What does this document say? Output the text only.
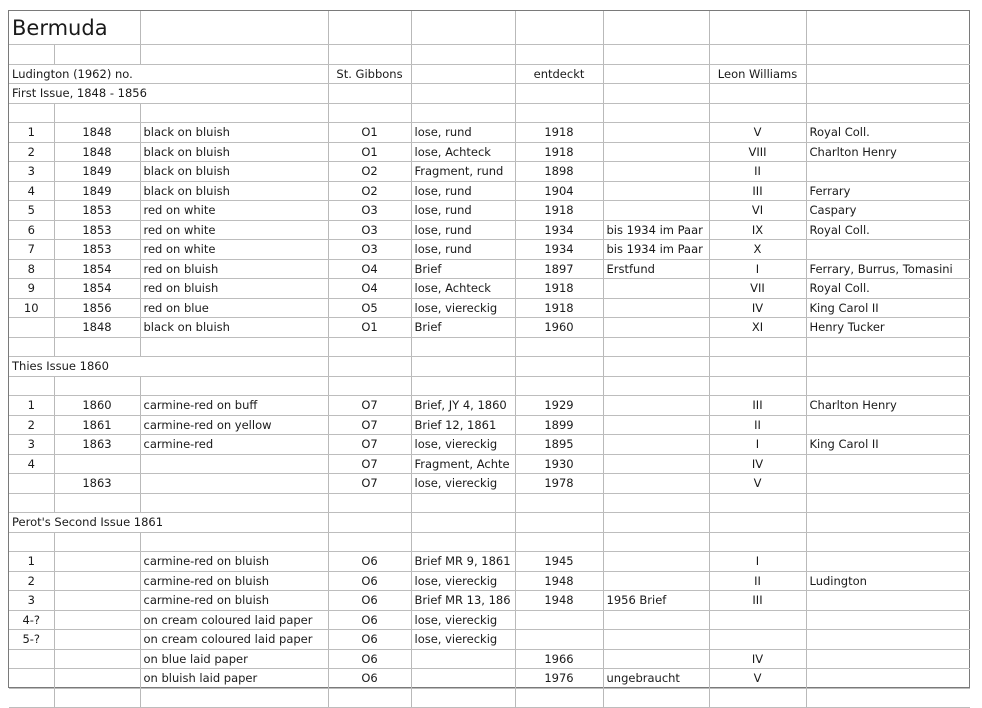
Bermuda								

Ludington (1962) no.			St. Gibbons		entdeckt		Leon Williams	
First Issue, 1848 - 1856								

1	1848	black on bluish	O1	lose, rund	1918		V	Royal Coll.
2	1848	black on bluish	O1	lose, Achteck	1918		VIII	Charlton Henry
3	1849	black on bluish	O2	Fragment, rund	1898		II	
4	1849	black on bluish	O2	lose, rund	1904		III	Ferrary
5	1853	red on white	O3	lose, rund	1918		VI	Caspary
6	1853	red on white	O3	lose, rund	1934	bis 1934 im Paar	IX	Royal Coll.
7	1853	red on white	O3	lose, rund	1934	bis 1934 im Paar	X	
8	1854	red on bluish	O4	Brief	1897	Erstfund	I	Ferrary, Burrus, Tomasini
9	1854	red on bluish	O4	lose, Achteck	1918		VII	Royal Coll.
10	1856	red on blue	O5	lose, viereckig	1918		IV	King Carol II
	1848	black on bluish	O1	Brief	1960		XI	Henry Tucker

Thies Issue 1860								

1	1860	carmine-red on buff	O7	Brief, JY 4, 1860	1929		III	Charlton Henry
2	1861	carmine-red on yellow	O7	Brief 12, 1861	1899		II	
3	1863	carmine-red	O7	lose, viereckig	1895		I	King Carol II
4			O7	Fragment, Achte	1930		IV	
	1863		O7	lose, viereckig	1978		V	

Perot's Second Issue 1861								

1		carmine-red on bluish	O6	Brief MR 9, 1861	1945		I	
2		carmine-red on bluish	O6	lose, viereckig	1948		II	Ludington
3		carmine-red on bluish	O6	Brief MR 13, 186	1948	1956 Brief	III	
4-?		on cream coloured laid paper	O6	lose, viereckig				
5-?		on cream coloured laid paper	O6	lose, viereckig				
		on blue laid paper	O6		1966		IV	
		on bluish laid paper	O6		1976	ungebraucht	V	
